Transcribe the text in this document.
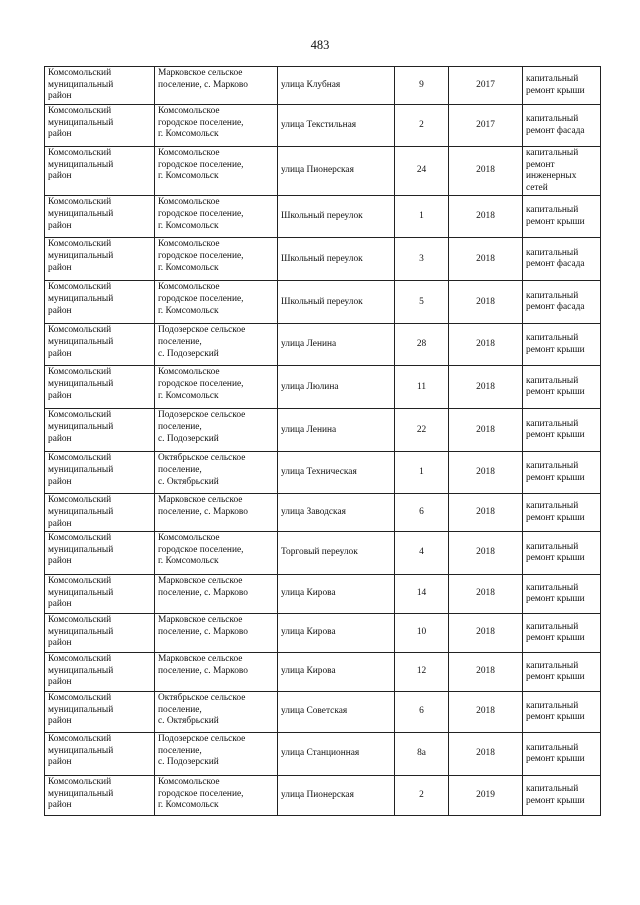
483
Комсомольский
муниципальный
район	Марковское сельское
поселение, с. Марково	улица Клубная	9	2017	капитальный
ремонт крыши
Комсомольский
муниципальный
район	Комсомольское
городское поселение,
г. Комсомольск	улица Текстильная	2	2017	капитальный
ремонт фасада
Комсомольский
муниципальный
район	Комсомольское
городское поселение,
г. Комсомольск	улица Пионерская	24	2018	капитальный
ремонт
инженерных
сетей
Комсомольский
муниципальный
район	Комсомольское
городское поселение,
г. Комсомольск	Школьный переулок	1	2018	капитальный
ремонт крыши
Комсомольский
муниципальный
район	Комсомольское
городское поселение,
г. Комсомольск	Школьный переулок	3	2018	капитальный
ремонт фасада
Комсомольский
муниципальный
район	Комсомольское
городское поселение,
г. Комсомольск	Школьный переулок	5	2018	капитальный
ремонт фасада
Комсомольский
муниципальный
район	Подозерское сельское
поселение,
с. Подозерский	улица Ленина	28	2018	капитальный
ремонт крыши
Комсомольский
муниципальный
район	Комсомольское
городское поселение,
г. Комсомольск	улица Люлина	11	2018	капитальный
ремонт крыши
Комсомольский
муниципальный
район	Подозерское сельское
поселение,
с. Подозерский	улица Ленина	22	2018	капитальный
ремонт крыши
Комсомольский
муниципальный
район	Октябрьское сельское
поселение,
с. Октябрьский	улица Техническая	1	2018	капитальный
ремонт крыши
Комсомольский
муниципальный
район	Марковское сельское
поселение, с. Марково	улица Заводская	6	2018	капитальный
ремонт крыши
Комсомольский
муниципальный
район	Комсомольское
городское поселение,
г. Комсомольск	Торговый переулок	4	2018	капитальный
ремонт крыши
Комсомольский
муниципальный
район	Марковское сельское
поселение, с. Марково	улица Кирова	14	2018	капитальный
ремонт крыши
Комсомольский
муниципальный
район	Марковское сельское
поселение, с. Марково	улица Кирова	10	2018	капитальный
ремонт крыши
Комсомольский
муниципальный
район	Марковское сельское
поселение, с. Марково	улица Кирова	12	2018	капитальный
ремонт крыши
Комсомольский
муниципальный
район	Октябрьское сельское
поселение,
с. Октябрьский	улица Советская	6	2018	капитальный
ремонт крыши
Комсомольский
муниципальный
район	Подозерское сельское
поселение,
с. Подозерский	улица Станционная	8а	2018	капитальный
ремонт крыши
Комсомольский
муниципальный
район	Комсомольское
городское поселение,
г. Комсомольск	улица Пионерская	2	2019	капитальный
ремонт крыши
